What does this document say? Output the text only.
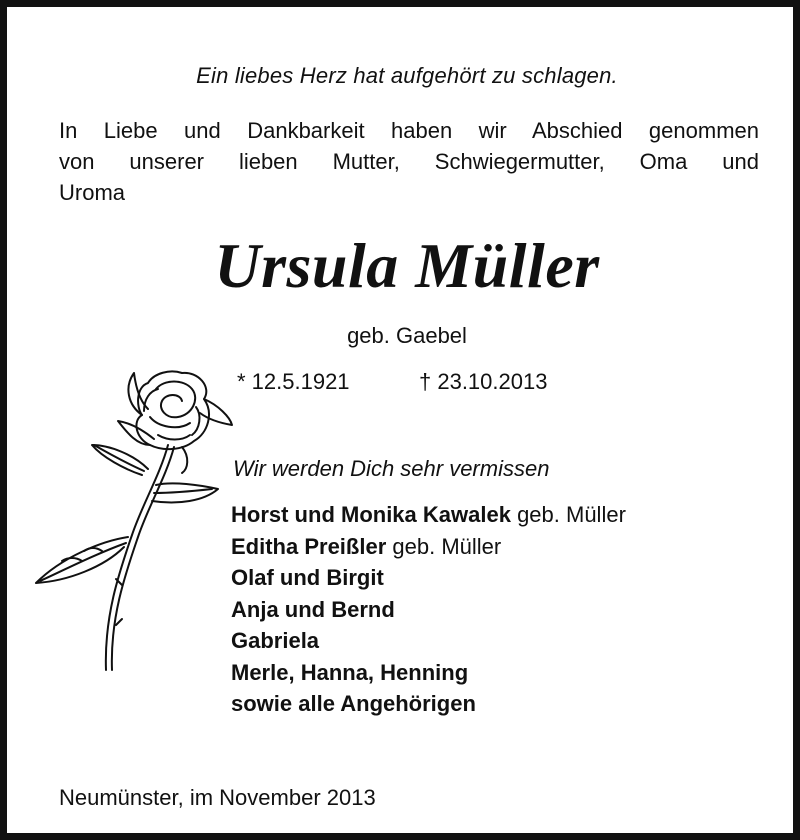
Ein liebes Herz hat aufgehört zu schlagen.
In Liebe und Dankbarkeit haben wir Abschied genommen
von unserer lieben Mutter, Schwiegermutter, Oma und
Uroma
Ursula Müller
geb. Gaebel
* 12.5.1921	† 23.10.2013
Wir werden Dich sehr vermissen
Horst und Monika Kawalek geb. Müller
Editha Preißler geb. Müller
Olaf und Birgit
Anja und Bernd
Gabriela
Merle, Hanna, Henning
sowie alle Angehörigen
Neumünster, im November 2013
